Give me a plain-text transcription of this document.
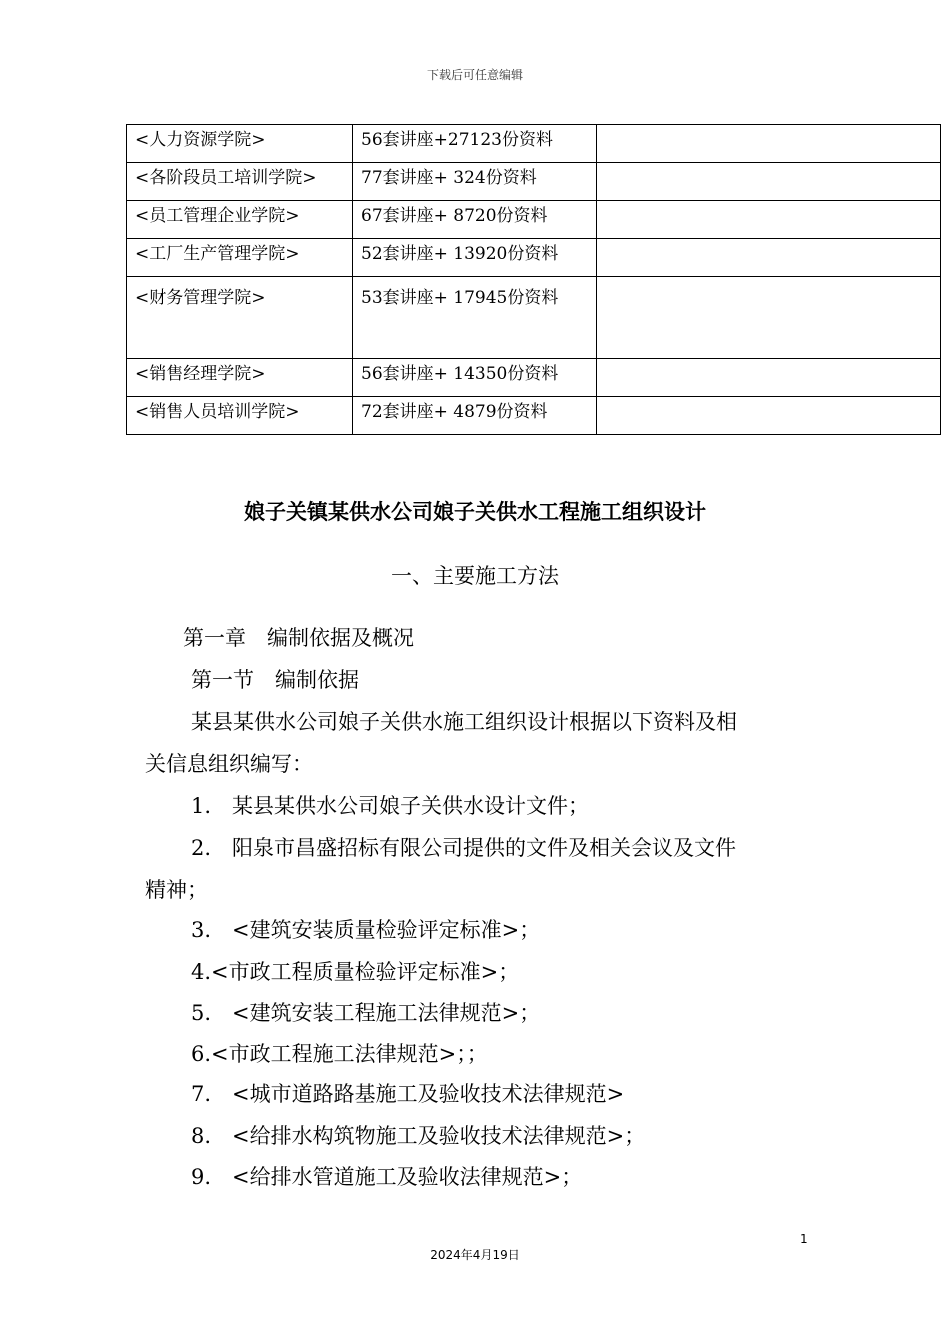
下载后可任意编辑
<人力资源学院>	56套讲座+27123份资料	
<各阶段员工培训学院>	77套讲座+ 324份资料	
<员工管理企业学院>	67套讲座+ 8720份资料	
<工厂生产管理学院>	52套讲座+ 13920份资料	
<财务管理学院>	53套讲座+ 17945份资料	
<销售经理学院>	56套讲座+ 14350份资料	
<销售人员培训学院>	72套讲座+ 4879份资料	
娘子关镇某供水公司娘子关供水工程施工组织设计
一、主要施工方法
第一章　编制依据及概况
第一节　编制依据
某县某供水公司娘子关供水施工组织设计根据以下资料及相
关信息组织编写：
1.　某县某供水公司娘子关供水设计文件；
2.　阳泉市昌盛招标有限公司提供的文件及相关会议及文件
精神；
3.　<建筑安装质量检验评定标准>；
4.<市政工程质量检验评定标准>；
5.　<建筑安装工程施工法律规范>；
6.<市政工程施工法律规范>；；
7.　<城市道路路基施工及验收技术法律规范>
8.　<给排水构筑物施工及验收技术法律规范>；
9.　<给排水管道施工及验收法律规范>；
1
2024年4月19日
